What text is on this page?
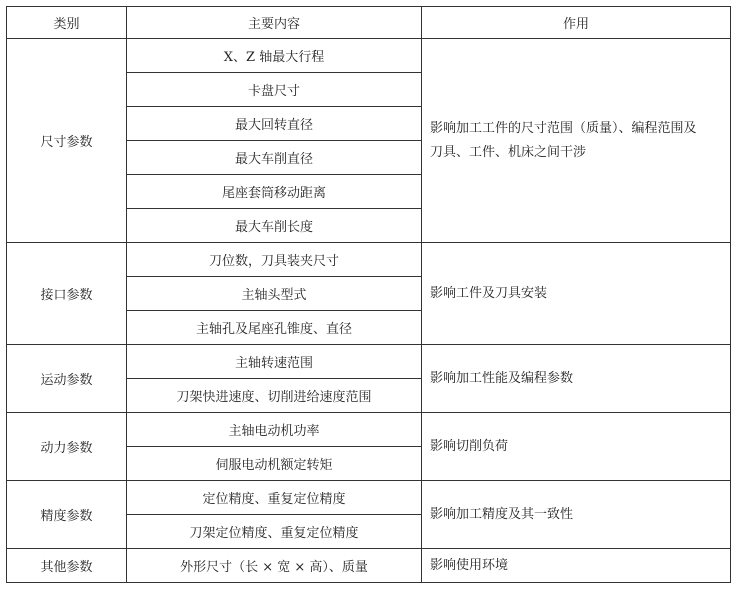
类别	主要内容	作用
尺寸参数	X、Z 轴最大行程	影响加工工件的尺寸范围（质量）、编程范围及刀具、工件、机床之间干涉

	卡盘尺寸	
	最大回转直径	
	最大车削直径	
	尾座套筒移动距离	
	最大车削长度	
接口参数	刀位数，刀具装夹尺寸	影响工件及刀具安装
	主轴头型式	
	主轴孔及尾座孔锥度、直径	
运动参数	主轴转速范围	影响加工性能及编程参数
	刀架快进速度、切削进给速度范围	
动力参数	主轴电动机功率	影响切削负荷
	伺服电动机额定转矩	
精度参数	定位精度、重复定位精度	影响加工精度及其一致性
	刀架定位精度、重复定位精度	
其他参数	外形尺寸（长 × 宽 × 高）、质量	影响使用环境
